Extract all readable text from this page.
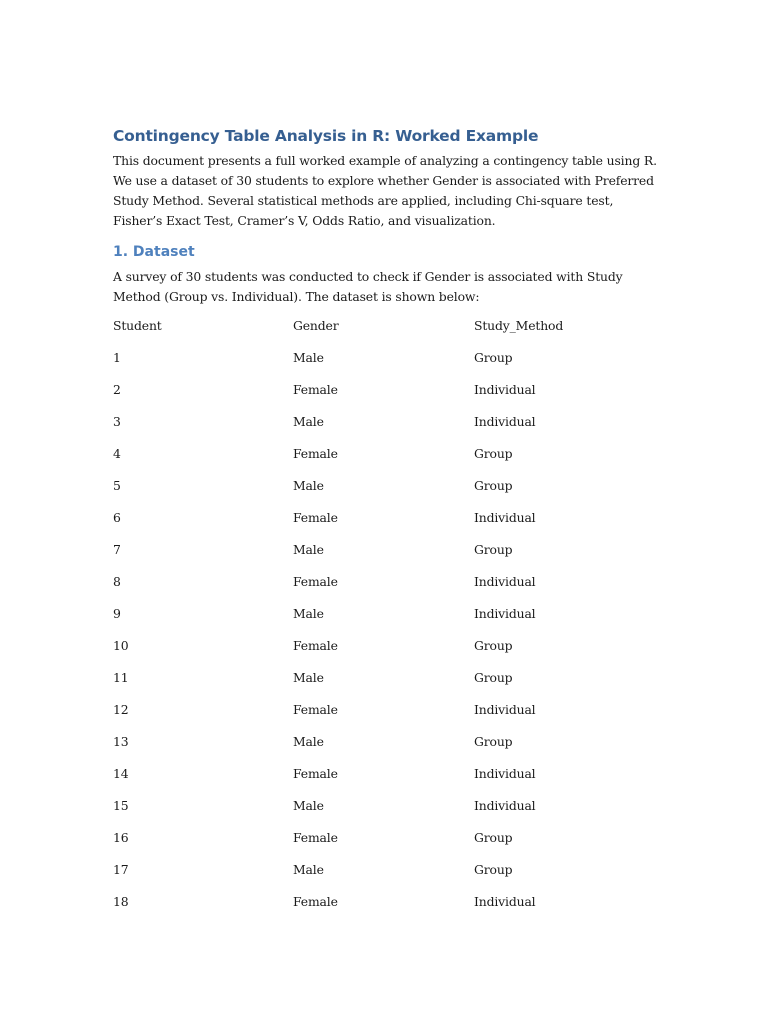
Contingency Table Analysis in R: Worked Example

This document presents a full worked example of analyzing a contingency table using R. We use a dataset of 30 students to explore whether Gender is associated with Preferred Study Method. Several statistical methods are applied, including Chi-square test, Fisher’s Exact Test, Cramer’s V, Odds Ratio, and visualization.

1. Dataset

A survey of 30 students was conducted to check if Gender is associated with Study Method (Group vs. Individual). The dataset is shown below:

Student	Gender	Study_Method
1	Male	Group
2	Female	Individual
3	Male	Individual
4	Female	Group
5	Male	Group
6	Female	Individual
7	Male	Group
8	Female	Individual
9	Male	Individual
10	Female	Group
11	Male	Group
12	Female	Individual
13	Male	Group
14	Female	Individual
15	Male	Individual
16	Female	Group
17	Male	Group
18	Female	Individual
